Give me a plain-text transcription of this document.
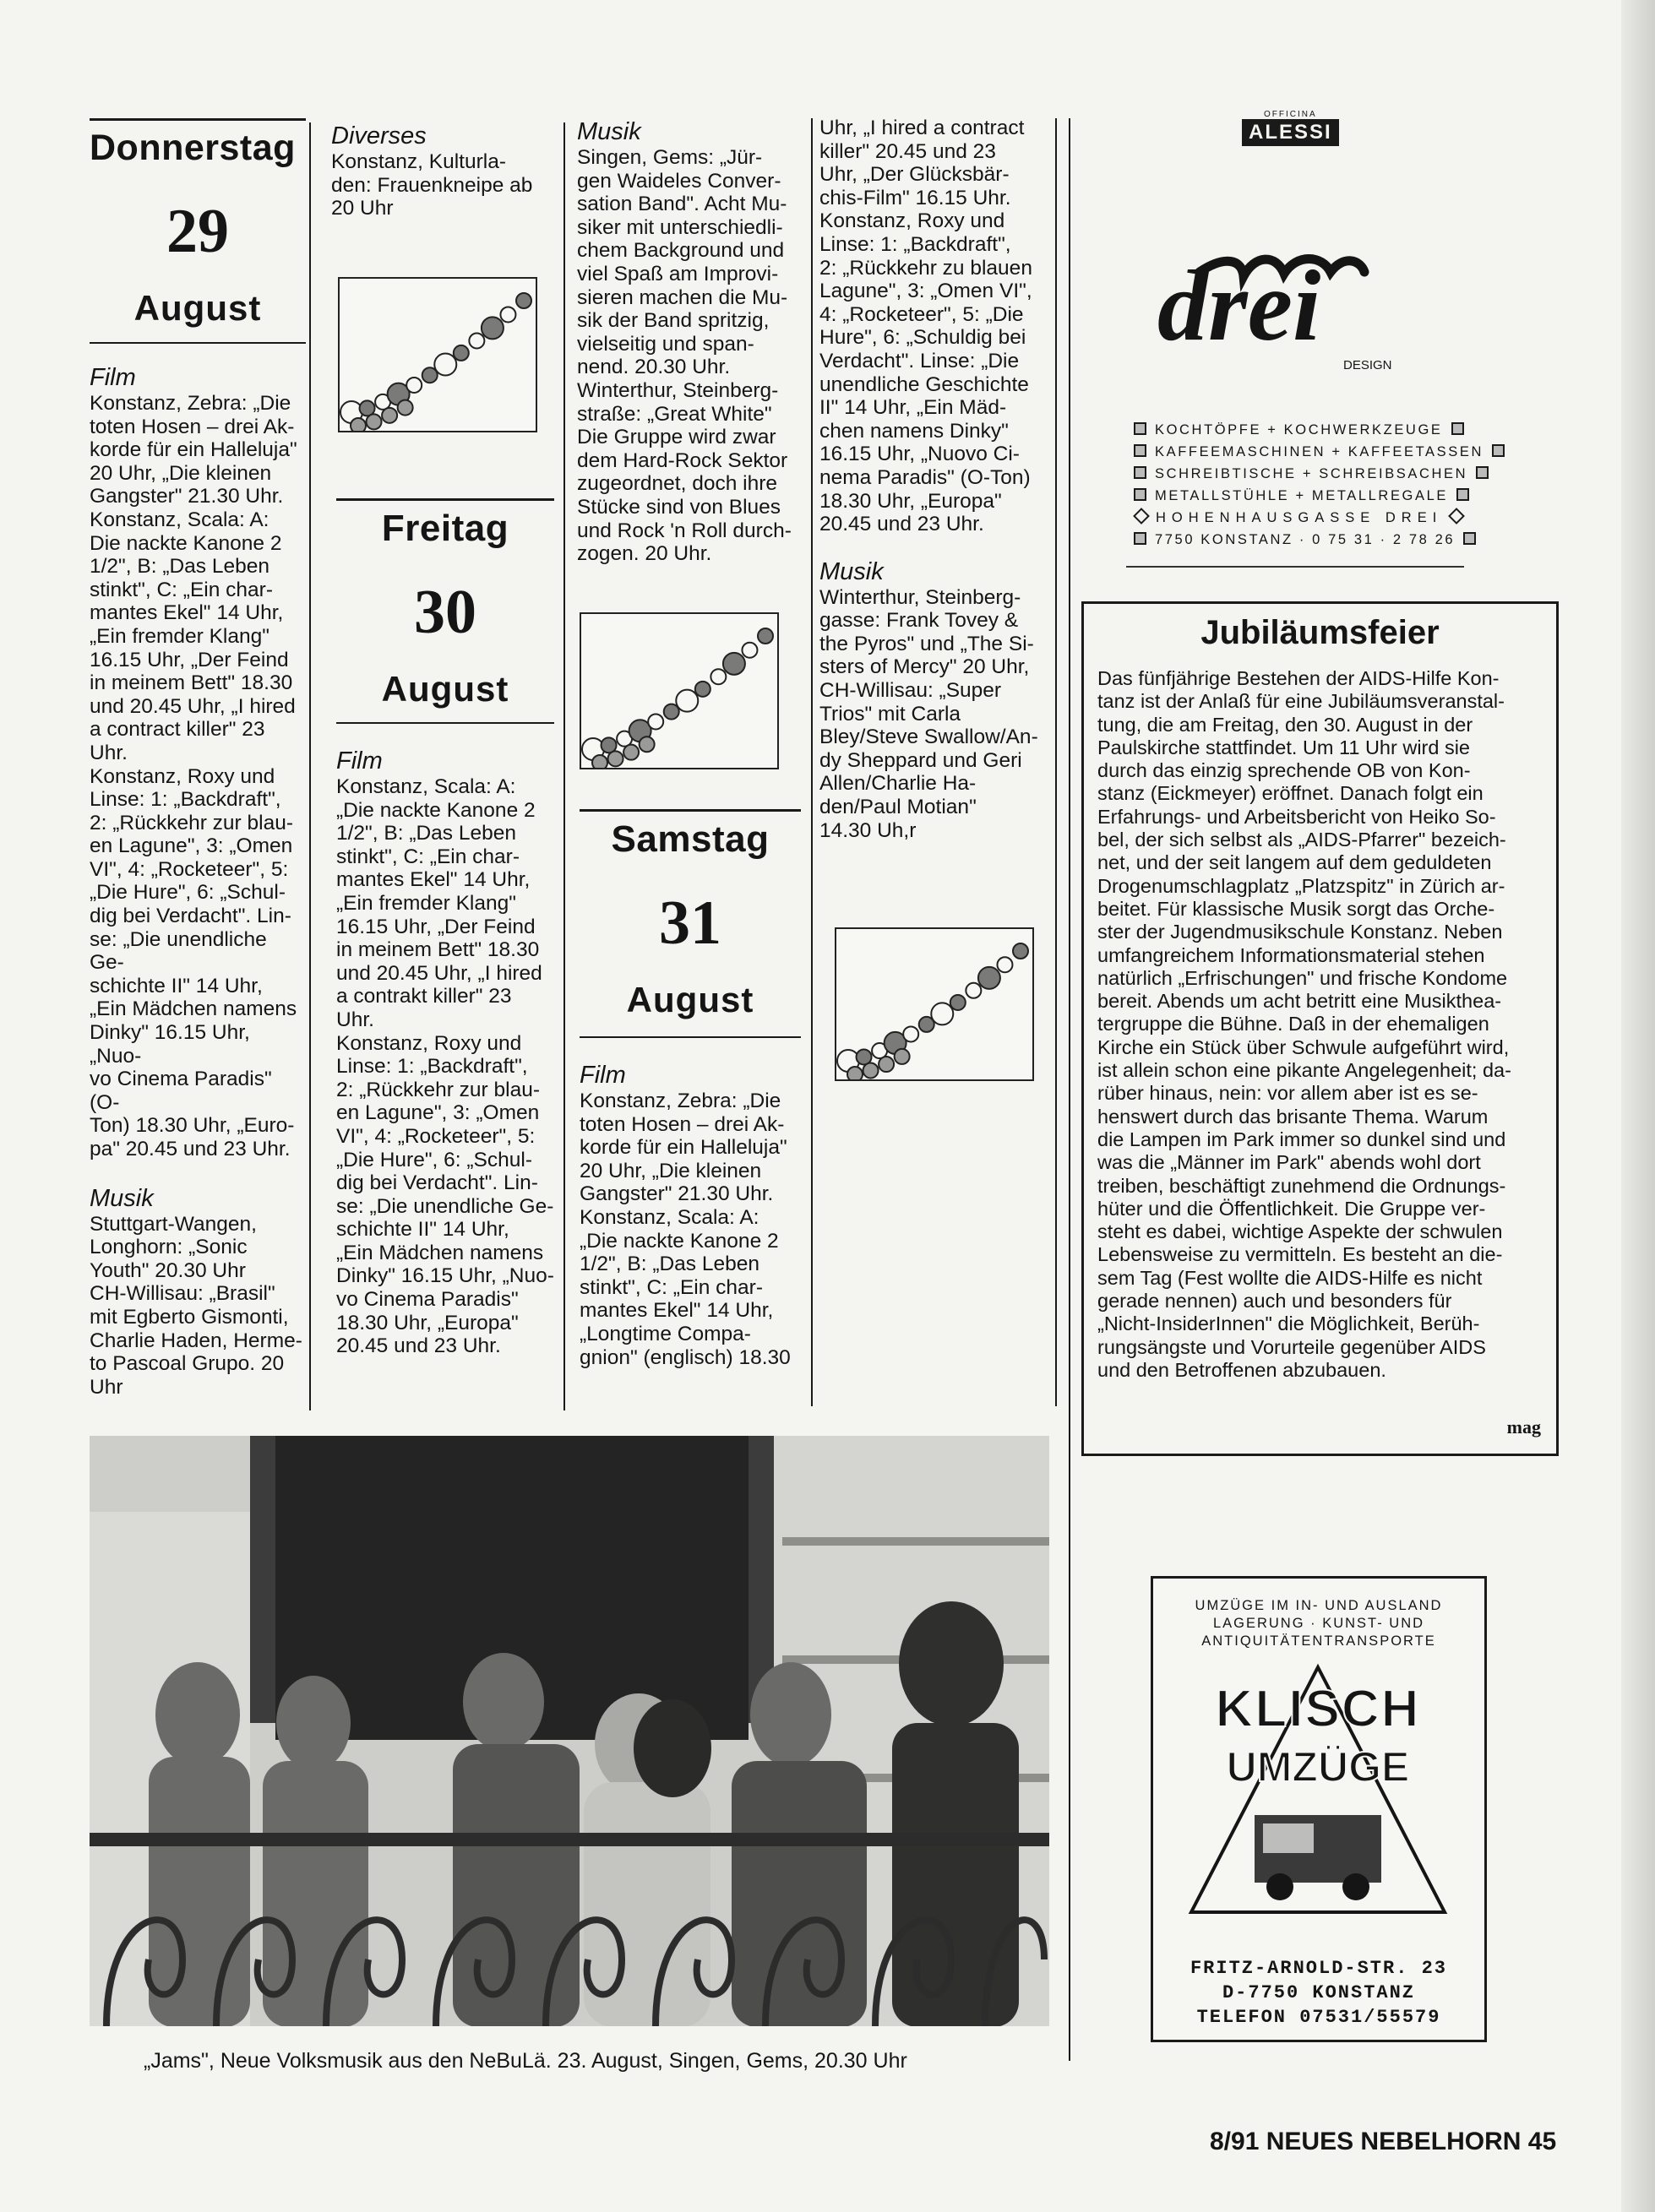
Donnerstag
29
August
Film
Konstanz, Zebra: „Die
toten Hosen – drei Ak-
korde für ein Halleluja"
20 Uhr, „Die kleinen
Gangster" 21.30 Uhr.
Konstanz, Scala: A:
Die nackte Kanone 2
1/2", B: „Das Leben
stinkt", C: „Ein char-
mantes Ekel" 14 Uhr,
„Ein fremder Klang"
16.15 Uhr, „Der Feind
in meinem Bett" 18.30
und 20.45 Uhr, „I hired
a contract killer" 23
Uhr.
Konstanz, Roxy und
Linse: 1: „Backdraft",
2: „Rückkehr zur blau-
en Lagune", 3: „Omen
VI", 4: „Rocketeer", 5:
„Die Hure", 6: „Schul-
dig bei Verdacht". Lin-
se: „Die unendliche Ge-
schichte II" 14 Uhr,
„Ein Mädchen namens
Dinky" 16.15 Uhr, „Nuo-
vo Cinema Paradis" (O-
Ton) 18.30 Uhr, „Euro-
pa" 20.45 und 23 Uhr.
Musik
Stuttgart-Wangen,
Longhorn: „Sonic
Youth" 20.30 Uhr
CH-Willisau: „Brasil"
mit Egberto Gismonti,
Charlie Haden, Herme-
to Pascoal Grupo. 20
Uhr
Diverses
Konstanz, Kulturla-
den: Frauenkneipe ab
20 Uhr
Freitag
30
August
Film
Konstanz, Scala: A:
„Die nackte Kanone 2
1/2", B: „Das Leben
stinkt", C: „Ein char-
mantes Ekel" 14 Uhr,
„Ein fremder Klang"
16.15 Uhr, „Der Feind
in meinem Bett" 18.30
und 20.45 Uhr, „I hired
a contrakt killer" 23
Uhr.
Konstanz, Roxy und
Linse: 1: „Backdraft",
2: „Rückkehr zur blau-
en Lagune", 3: „Omen
VI", 4: „Rocketeer", 5:
„Die Hure", 6: „Schul-
dig bei Verdacht". Lin-
se: „Die unendliche Ge-
schichte II" 14 Uhr,
„Ein Mädchen namens
Dinky" 16.15 Uhr, „Nuo-
vo Cinema Paradis"
18.30 Uhr, „Europa"
20.45 und 23 Uhr.
Musik
Singen, Gems: „Jür-
gen Waideles Conver-
sation Band". Acht Mu-
siker mit unterschiedli-
chem Background und
viel Spaß am Improvi-
sieren machen die Mu-
sik der Band spritzig,
vielseitig und span-
nend. 20.30 Uhr.
Winterthur, Steinberg-
straße: „Great White"
Die Gruppe wird zwar
dem Hard-Rock Sektor
zugeordnet, doch ihre
Stücke sind von Blues
und Rock 'n Roll durch-
zogen. 20 Uhr.
Samstag
31
August
Film
Konstanz, Zebra: „Die
toten Hosen – drei Ak-
korde für ein Halleluja"
20 Uhr, „Die kleinen
Gangster" 21.30 Uhr.
Konstanz, Scala: A:
„Die nackte Kanone 2
1/2", B: „Das Leben
stinkt", C: „Ein char-
mantes Ekel" 14 Uhr,
„Longtime Compa-
gnion" (englisch) 18.30
Uhr, „I hired a contract
killer" 20.45 und 23
Uhr, „Der Glücksbär-
chis-Film" 16.15 Uhr.
Konstanz, Roxy und
Linse: 1: „Backdraft",
2: „Rückkehr zu blauen
Lagune", 3: „Omen VI",
4: „Rocketeer", 5: „Die
Hure", 6: „Schuldig bei
Verdacht". Linse: „Die
unendliche Geschichte
II" 14 Uhr, „Ein Mäd-
chen namens Dinky"
16.15 Uhr, „Nuovo Ci-
nema Paradis" (O-Ton)
18.30 Uhr, „Europa"
20.45 und 23 Uhr.
Musik
Winterthur, Steinberg-
gasse: Frank Tovey &
the Pyros" und „The Si-
sters of Mercy" 20 Uhr,
CH-Willisau: „Super
Trios" mit Carla
Bley/Steve Swallow/An-
dy Sheppard und Geri
Allen/Charlie Ha-
den/Paul Motian"
14.30 Uh,r
OFFICINA
ALESSI
drei
DESIGN
KOCHTÖPFE + KOCHWERKZEUGE
KAFFEEMASCHINEN + KAFFEETASSEN
SCHREIBTISCHE + SCHREIBSACHEN
METALLSTÜHLE + METALLREGALE
HOHENHAUSGASSE DREI
7750 KONSTANZ · 0 75 31 · 2 78 26
Jubiläumsfeier
Das fünfjährige Bestehen der AIDS-Hilfe Kon-
tanz ist der Anlaß für eine Jubiläumsveranstal-
tung, die am Freitag, den 30. August in der
Paulskirche stattfindet. Um 11 Uhr wird sie
durch das einzig sprechende OB von Kon-
stanz (Eickmeyer) eröffnet. Danach folgt ein
Erfahrungs- und Arbeitsbericht von Heiko So-
bel, der sich selbst als „AIDS-Pfarrer" bezeich-
net, und der seit langem auf dem geduldeten
Drogenumschlagplatz „Platzspitz" in Zürich ar-
beitet. Für klassische Musik sorgt das Orche-
ster der Jugendmusikschule Konstanz. Neben
umfangreichem Informationsmaterial stehen
natürlich „Erfrischungen" und frische Kondome
bereit. Abends um acht betritt eine Musikthea-
tergruppe die Bühne. Daß in der ehemaligen
Kirche ein Stück über Schwule aufgeführt wird,
ist allein schon eine pikante Angelegenheit; da-
rüber hinaus, nein: vor allem aber ist es se-
henswert durch das brisante Thema. Warum
die Lampen im Park immer so dunkel sind und
was die „Männer im Park" abends wohl dort
treiben, beschäftigt zunehmend die Ordnungs-
hüter und die Öffentlichkeit. Die Gruppe ver-
steht es dabei, wichtige Aspekte der schwulen
Lebensweise zu vermitteln. Es besteht an die-
sem Tag (Fest wollte die AIDS-Hilfe es nicht
gerade nennen) auch und besonders für
„Nicht-InsiderInnen" die Möglichkeit, Berüh-
rungsängste und Vorurteile gegenüber AIDS
und den Betroffenen abzubauen.
mag
„Jams", Neue Volksmusik aus den NeBuLä. 23. August, Singen, Gems, 20.30 Uhr
UMZÜGE IM IN- UND AUSLAND
LAGERUNG · KUNST- UND
ANTIQUITÄTENTRANSPORTE
KLISCH
UMZÜGE
FRITZ-ARNOLD-STR. 23
D-7750 KONSTANZ
TELEFON 07531/55579
8/91 NEUES NEBELHORN 45
